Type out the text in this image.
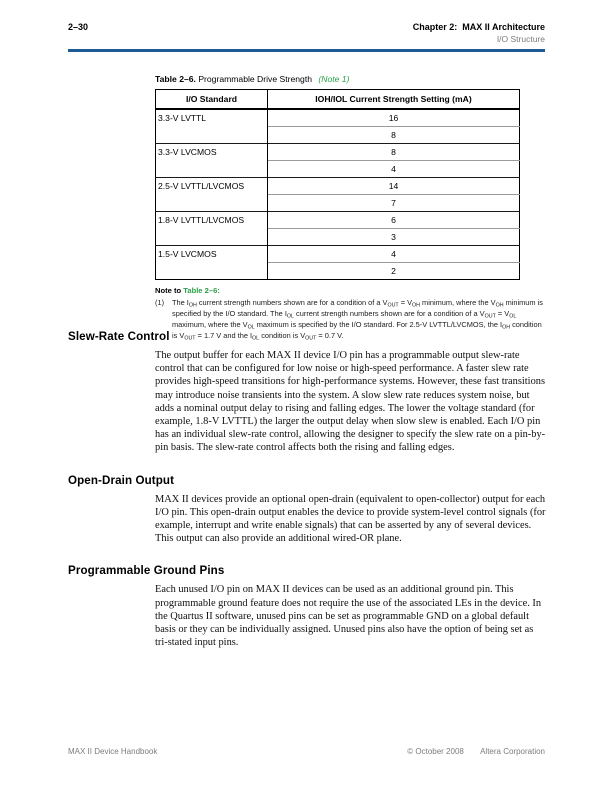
2–30	Chapter 2:  MAX II Architecture
I/O Structure
Table 2–6. Programmable Drive Strength (Note 1)
I/O Standard	IOH/IOL Current Strength Setting (mA)
3.3-V LVTTL	16
	8
3.3-V LVCMOS	8
	4
2.5-V LVTTL/LVCMOS	14
	7
1.8-V LVTTL/LVCMOS	6
	3
1.5-V LVCMOS	4
	2
Note to Table 2–6:
(1)	The $I_{OH}$ current strength numbers shown are for a condition of a $V_{OUT} = V_{OH}$ minimum, where the $V_{OH}$ minimum is specified by the I/O standard. The $I_{OL}$ current strength numbers shown are for a condition of a $V_{OUT} = V_{OL}$ maximum, where the $V_{OL}$ maximum is specified by the I/O standard. For 2.5-V LVTTL/LVCMOS, the $I_{OH}$ condition is $V_{OUT} = 1.7$ V and the $I_{OL}$ condition is $V_{OUT} = 0.7$ V.
Slew-Rate Control
The output buffer for each MAX II device I/O pin has a programmable output slew-rate control that can be configured for low noise or high-speed performance. A faster slew rate provides high-speed transitions for high-performance systems. However, these fast transitions may introduce noise transients into the system. A slow slew rate reduces system noise, but adds a nominal output delay to rising and falling edges. The lower the voltage standard (for example, 1.8-V LVTTL) the larger the output delay when slow slew is enabled. Each I/O pin has an individual slew-rate control, allowing the designer to specify the slew rate on a pin-by-pin basis. The slew-rate control affects both the rising and falling edges.
Open-Drain Output
MAX II devices provide an optional open-drain (equivalent to open-collector) output for each I/O pin. This open-drain output enables the device to provide system-level control signals (for example, interrupt and write enable signals) that can be asserted by any of several devices. This output can also provide an additional wired-OR plane.
Programmable Ground Pins
Each unused I/O pin on MAX II devices can be used as an additional ground pin. This programmable ground feature does not require the use of the associated LEs in the device. In the Quartus II software, unused pins can be set as programmable GND on a global default basis or they can be individually assigned. Unused pins also have the option of being set as tri-stated input pins.
MAX II Device Handbook	© October 2008 Altera Corporation
